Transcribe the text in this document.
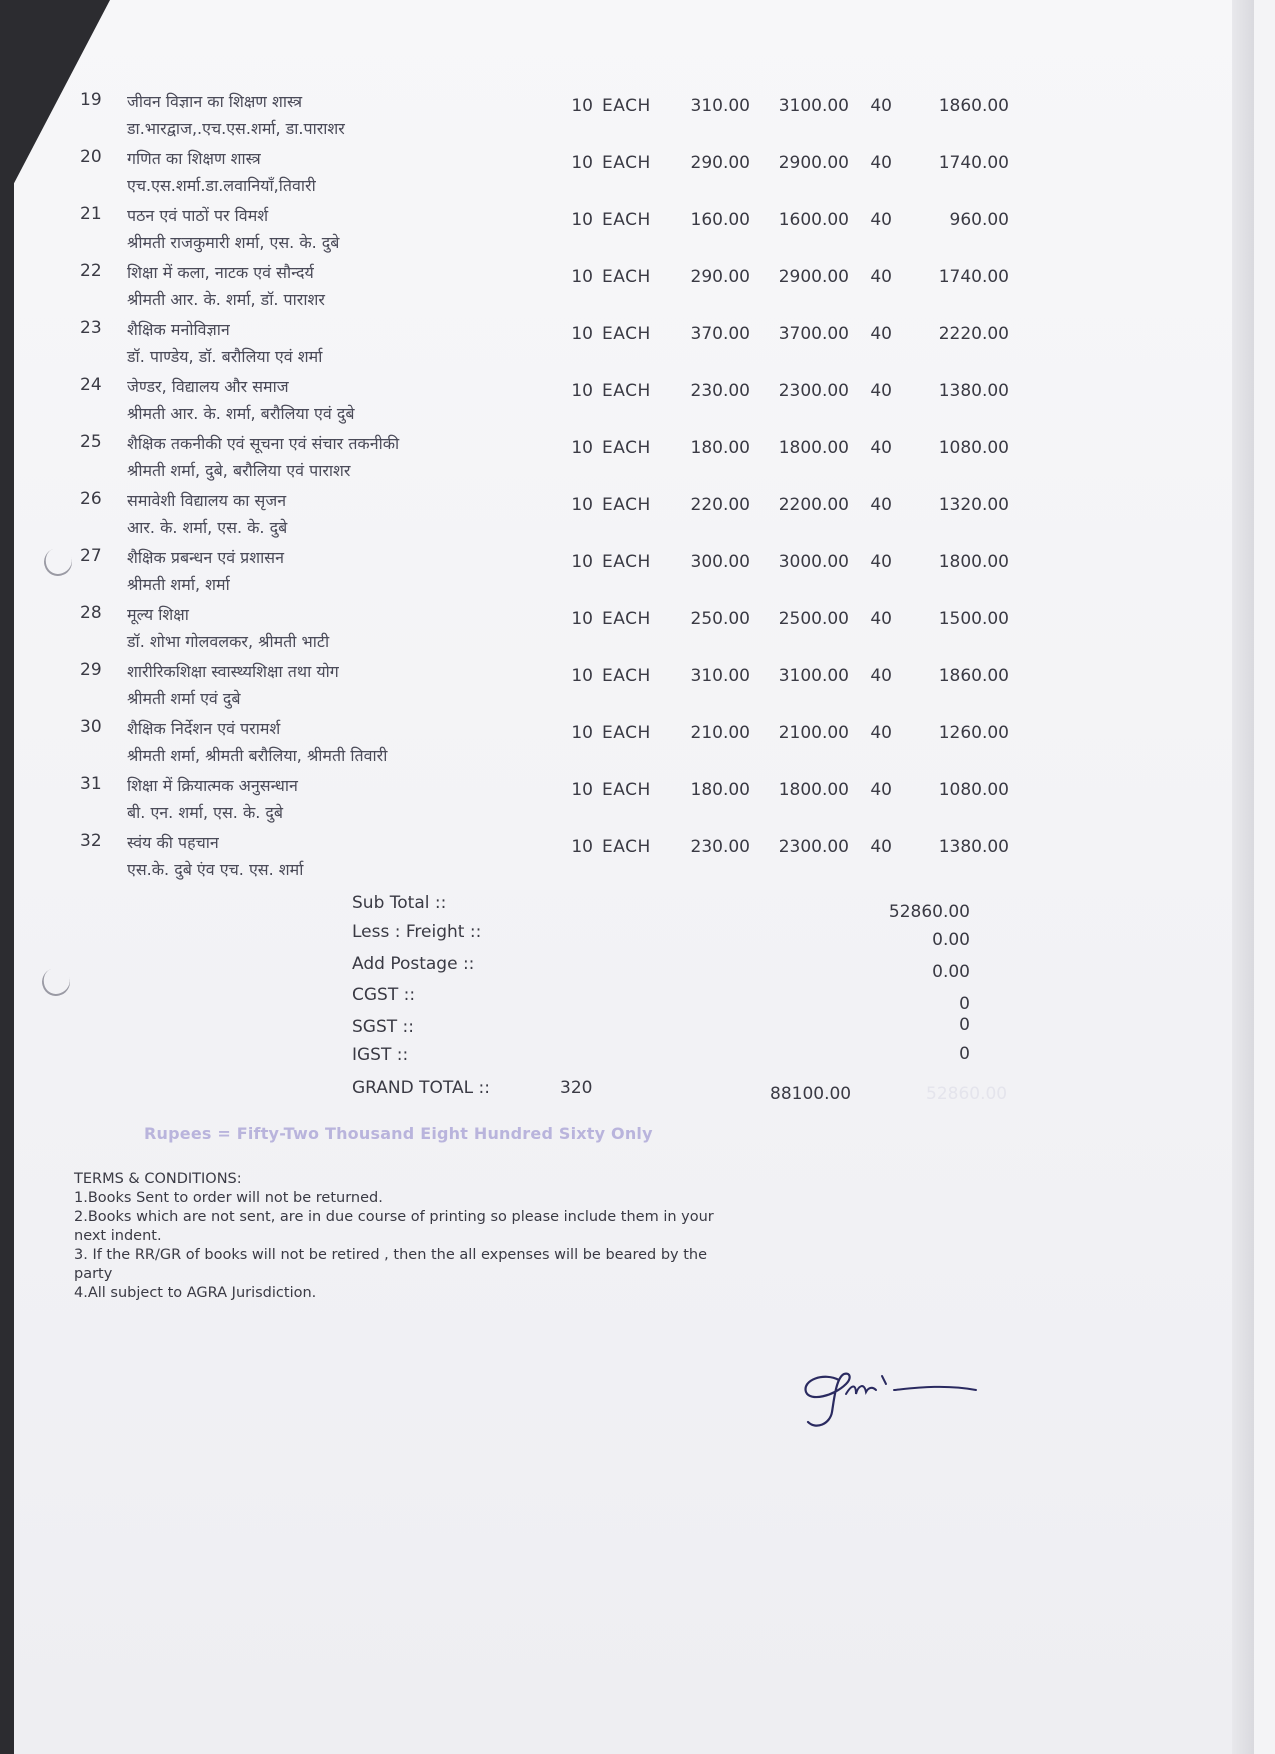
19 जीवन विज्ञान का शिक्षण शास्त्र
डा.भारद्वाज,.एच.एस.शर्मा, डा.पाराशर
10 EACH	310.00	3100.00	40	1860.00
20 गणित का शिक्षण शास्त्र
एच.एस.शर्मा.डा.लवानियाँ,तिवारी
10 EACH	290.00	2900.00	40	1740.00
21 पठन एवं पाठों पर विमर्श
श्रीमती राजकुमारी शर्मा, एस. के. दुबे
10 EACH	160.00	1600.00	40	960.00
22 शिक्षा में कला, नाटक एवं सौन्दर्य
श्रीमती आर. के. शर्मा, डॉ. पाराशर
10 EACH	290.00	2900.00	40	1740.00
23 शैक्षिक मनोविज्ञान
डॉ. पाण्डेय, डॉ. बरौलिया एवं शर्मा
10 EACH	370.00	3700.00	40	2220.00
24 जेण्डर, विद्यालय और समाज
श्रीमती आर. के. शर्मा, बरौलिया एवं दुबे
10 EACH	230.00	2300.00	40	1380.00
25 शैक्षिक तकनीकी एवं सूचना एवं संचार तकनीकी
श्रीमती शर्मा, दुबे, बरौलिया एवं पाराशर
10 EACH	180.00	1800.00	40	1080.00
26 समावेशी विद्यालय का सृजन
आर. के. शर्मा, एस. के. दुबे
10 EACH	220.00	2200.00	40	1320.00
27 शैक्षिक प्रबन्धन एवं प्रशासन
श्रीमती शर्मा, शर्मा
10 EACH	300.00	3000.00	40	1800.00
28 मूल्य शिक्षा
डॉ. शोभा गोलवलकर, श्रीमती भाटी
10 EACH	250.00	2500.00	40	1500.00
29 शारीरिकशिक्षा स्वास्थ्यशिक्षा तथा योग
श्रीमती शर्मा एवं दुबे
10 EACH	310.00	3100.00	40	1860.00
30 शैक्षिक निर्देशन एवं परामर्श
श्रीमती शर्मा, श्रीमती बरौलिया, श्रीमती तिवारी
10 EACH	210.00	2100.00	40	1260.00
31 शिक्षा में क्रियात्मक अनुसन्धान
बी. एन. शर्मा, एस. के. दुबे
10 EACH	180.00	1800.00	40	1080.00
32 स्वंय की पहचान
एस.के. दुबे एंव एच. एस. शर्मा
10 EACH	230.00	2300.00	40	1380.00
Sub Total ::	52860.00
Less : Freight ::	0.00
Add Postage ::	0.00
CGST ::	0
SGST ::	0
IGST ::	0
GRAND TOTAL ::	320	88100.00	52860.00
Rupees = Fifty-Two Thousand Eight Hundred Sixty Only
TERMS & CONDITIONS:
1.Books Sent to order will not be returned.
2.Books which are not sent, are in due course of printing so please include them in your next indent.
3. If the RR/GR of books will not be retired , then the all expenses will be beared by the party
4.All subject to AGRA Jurisdiction.
